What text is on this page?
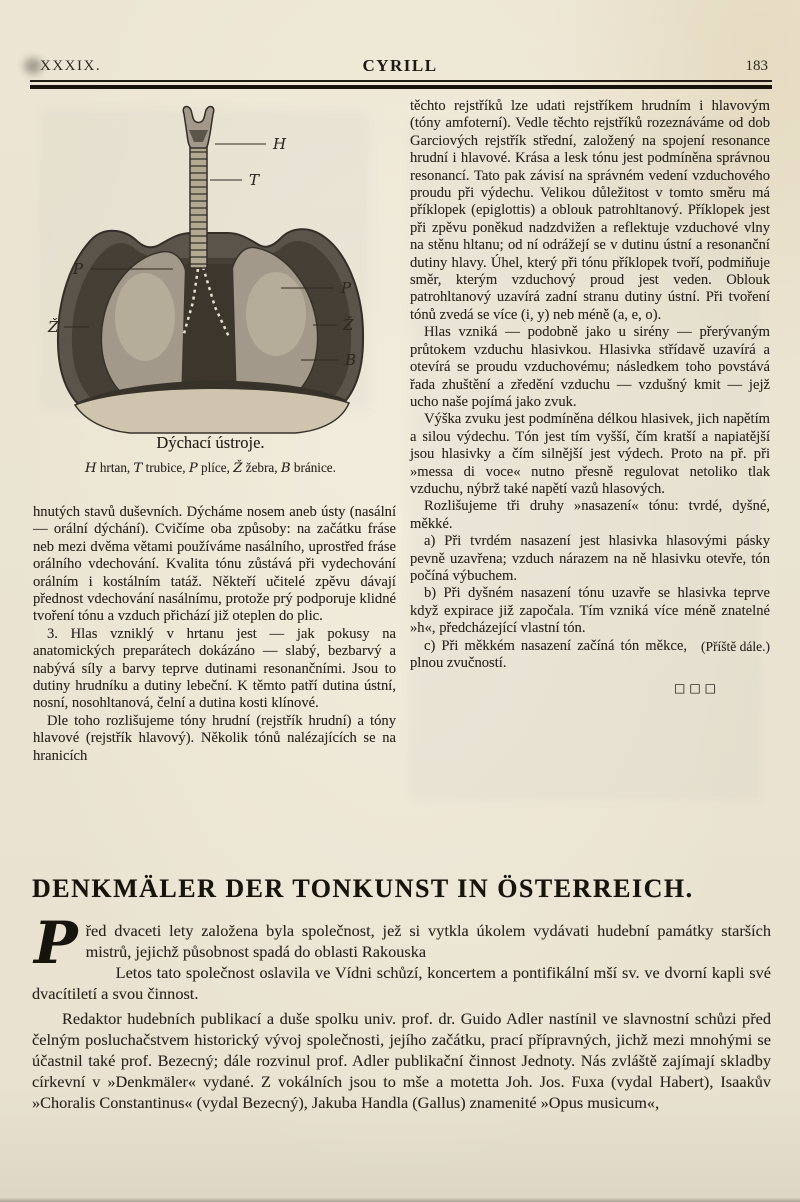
XXXIX.	CYRILL	183
H
T
P
P
Ž	Ž
B
Dýchací ústroje.
H hrtan, T trubice, P plíce, Ž žebra, B bránice.

hnutých stavů duševních. Dýcháme nosem aneb ústy (nasální — orální dýchání). Cvičíme oba způsoby: na začátku fráse neb mezi dvěma větami používáme nasálního, uprostřed fráse orálního vdechování. Kvalita tónu zůstává při vydechování orálním i kostálním tatáž. Někteří učitelé zpěvu dávají přednost vdechování nasálnímu, protože prý podporuje klidné tvoření tónu a vzduch přichází již oteplen do plic.

3. Hlas vzniklý v hrtanu jest — jak pokusy na anatomických preparátech dokázáno — slabý, bezbarvý a nabývá síly a barvy teprve dutinami resonančními. Jsou to dutiny hrudníku a dutiny lebeční. K těmto patří dutina ústní, nosní, nosohltanová, čelní a dutina kosti klínové.

Dle toho rozlišujeme tóny hrudní (rejstřík hrudní) a tóny hlavové (rejstřík hlavový). Několik tónů nalézajících se na hranicích

těchto rejstříků lze udati rejstříkem hrudním i hlavovým (tóny amfoterní). Vedle těchto rejstříků rozeznáváme od dob Garciových rejstřík střední, založený na spojení resonance hrudní i hlavové. Krása a lesk tónu jest podmíněna správnou resonancí. Tato pak závisí na správném vedení vzduchového proudu při výdechu. Velikou důležitost v tomto směru má příklopek (epiglottis) a oblouk patrohltanový. Příklopek jest při zpěvu poněkud nadzdvižen a reflektuje vzduchové vlny na stěnu hltanu; od ní odrážejí se v dutinu ústní a resonanční dutiny hlavy. Úhel, který při tónu příklopek tvoří, podmiňuje směr, kterým vzduchový proud jest veden. Oblouk patrohltanový uzavírá zadní stranu dutiny ústní. Při tvoření tónů zvedá se více (i, y) neb méně (a, e, o).

Hlas vzniká — podobně jako u sirény — přerývaným průtokem vzduchu hlasivkou. Hlasivka střídavě uzavírá a otevírá se proudu vzduchovému; následkem toho povstává řada zhuštění a zředění vzduchu — vzdušný kmit — jejž ucho naše pojímá jako zvuk.

Výška zvuku jest podmíněna délkou hlasivek, jich napětím a silou výdechu. Tón jest tím vyšší, čím kratší a napiatější jsou hlasivky a čím silnější jest výdech. Proto na př. při »messa di voce« nutno přesně regulovat netoliko tlak vzduchu, nýbrž také napětí vazů hlasových.

Rozlišujeme tři druhy »nasazení« tónu: tvrdé, dyšné, měkké.

a) Při tvrdém nasazení jest hlasivka hlasovými pásky pevně uzavřena; vzduch nárazem na ně hlasivku otevře, tón počíná výbuchem.

b) Při dyšném nasazení tónu uzavře se hlasivka teprve když expirace již započala. Tím vzniká více méně znatelné »h«, předcházející vlastní tón.

(Příště dále.)
c) Při měkkém nasazení začíná tón měkce, plnou zvučností.

□□□
DENKMÄLER DER TONKUNST IN ÖSTERREICH.

Před dvaceti lety založena byla společnost, jež si vytkla úkolem vydávati hudební památky starších mistrů, jejichž působnost spadá do oblasti Rakouska

Letos tato společnost oslavila ve Vídni schůzí, koncertem a pontifikální mší sv. ve dvorní kapli své dvacítiletí a svou činnost.

Redaktor hudebních publikací a duše spolku univ. prof. dr. Guido Adler nastínil ve slavnostní schůzi před čelným posluchačstvem historický vývoj společnosti, jejího začátku, prací přípravných, jichž mezi mnohými se účastnil také prof. Bezecný; dále rozvinul prof. Adler publikační činnost Jednoty. Nás zvláště zajímají skladby církevní v »Denkmäler« vydané. Z vokálních jsou to mše a motetta Joh. Jos. Fuxa (vydal Habert), Isaakův »Choralis Constantinus« (vydal Bezecný), Jakuba Handla (Gallus) znamenité »Opus musicum«,
